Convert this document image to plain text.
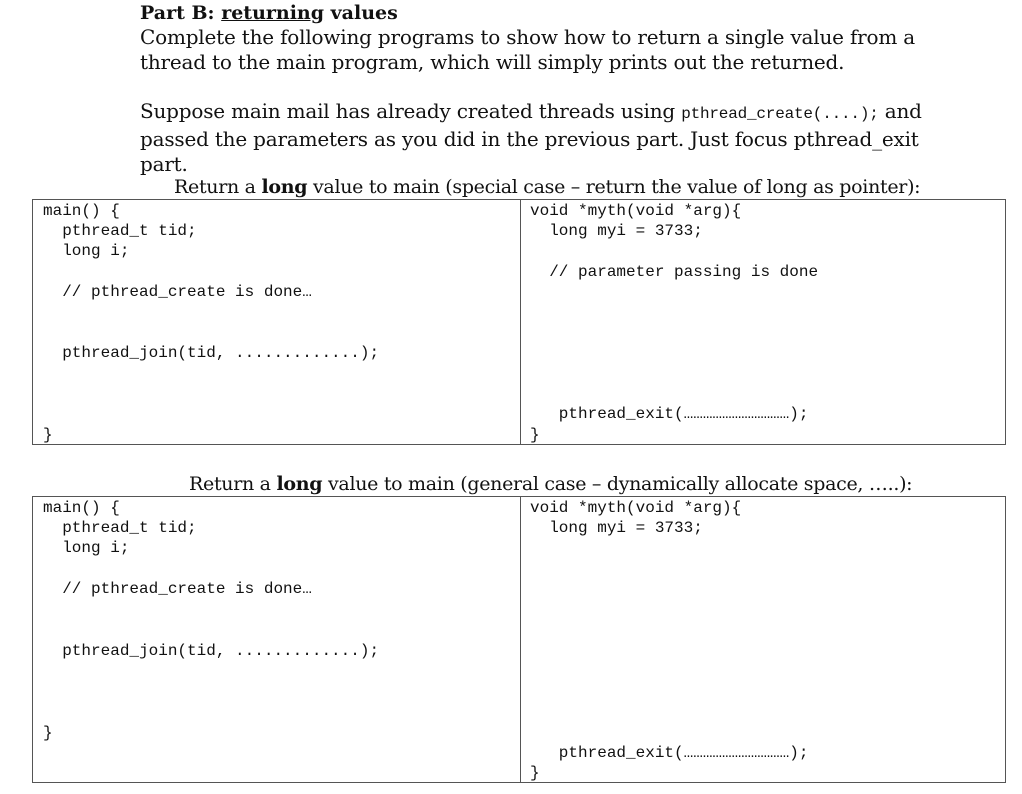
Part B: returning values
Complete the following programs to show how to return a single value from a thread to the main program, which will simply prints out the returned.
Suppose main mail has already created threads using pthread_create(....); and passed the parameters as you did in the previous part. Just focus pthread_exit part.
Return a long value to main (special case – return the value of long as pointer):
main() {
pthread_t tid;
long i;
// pthread_create is done…
pthread_join(tid, .............);
}
void *myth(void *arg){
long myi = 3733;
// parameter passing is done
pthread_exit(……………………………);
}
Return a long value to main (general case – dynamically allocate space, …..):
main() {
pthread_t tid;
long i;
// pthread_create is done…
pthread_join(tid, .............);
}
void *myth(void *arg){
long myi = 3733;
pthread_exit(……………………………);
}
